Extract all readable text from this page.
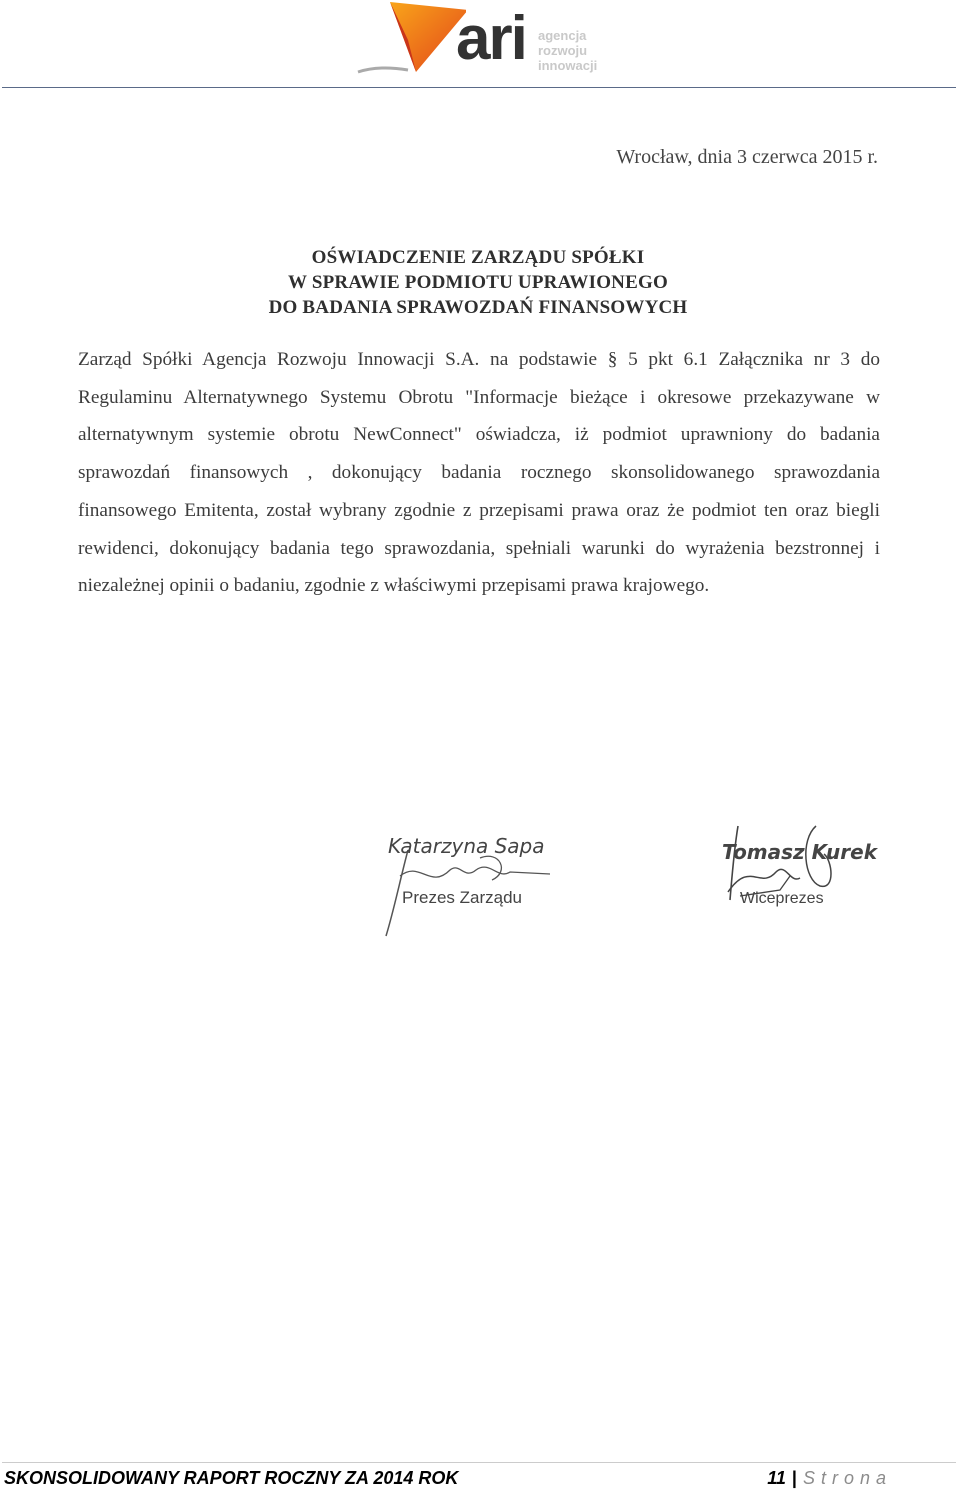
ari agencja
rozwoju
innowacji
Wrocław, dnia 3 czerwca 2015 r.
OŚWIADCZENIE ZARZĄDU SPÓŁKI
W SPRAWIE PODMIOTU UPRAWIONEGO
DO BADANIA SPRAWOZDAŃ FINANSOWYCH
Zarząd Spółki Agencja Rozwoju Innowacji S.A. na podstawie § 5 pkt 6.1 Załącznika nr 3 do Regulaminu Alternatywnego Systemu Obrotu "Informacje bieżące i okresowe przekazywane w alternatywnym systemie obrotu NewConnect" oświadcza, iż podmiot uprawniony do badania sprawozdań finansowych , dokonujący badania rocznego skonsolidowanego sprawozdania finansowego Emitenta, został wybrany zgodnie z przepisami prawa oraz że podmiot ten oraz biegli rewidenci, dokonujący badania tego sprawozdania, spełniali warunki do wyrażenia bezstronnej i niezależnej opinii o badaniu, zgodnie z właściwymi przepisami prawa krajowego.
Katarzyna Sapa
Prezes Zarządu
Tomasz Kurek
Wiceprezes
SKONSOLIDOWANY RAPORT ROCZNY ZA 2014 ROK	11 | Strona
